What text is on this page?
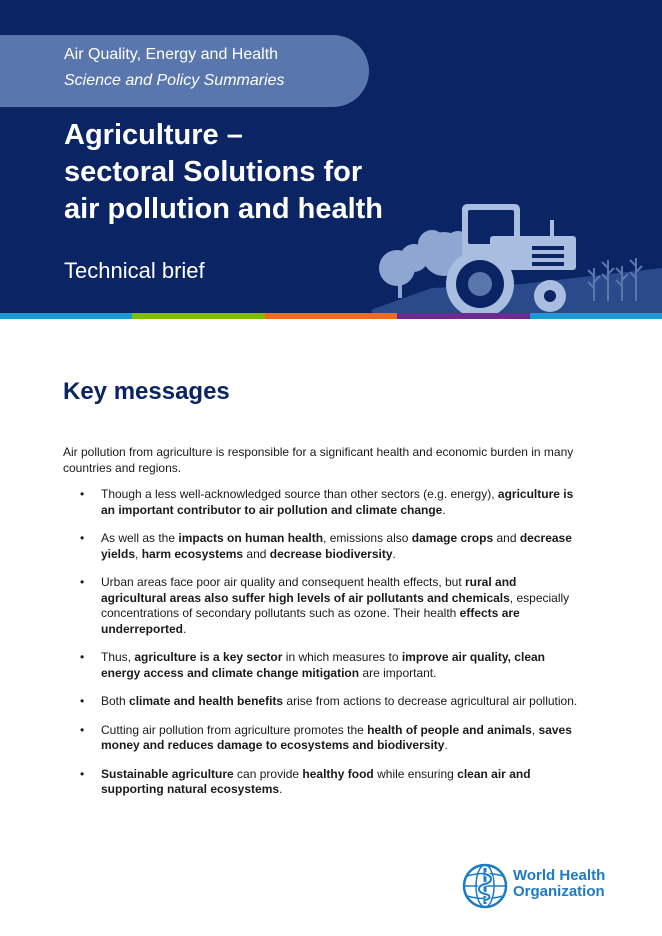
Air Quality, Energy and Health
Science and Policy Summaries
Agriculture –
sectoral Solutions for
air pollution and health
Technical brief
Key messages
Air pollution from agriculture is responsible for a significant health and economic burden in many countries and regions.
•	Though a less well-acknowledged source than other sectors (e.g. energy), agriculture is an important contributor to air pollution and climate change.
•	As well as the impacts on human health, emissions also damage crops and decrease yields, harm ecosystems and decrease biodiversity.
•	Urban areas face poor air quality and consequent health effects, but rural and agricultural areas also suffer high levels of air pollutants and chemicals, especially concentrations of secondary pollutants such as ozone. Their health effects are underreported.
•	Thus, agriculture is a key sector in which measures to improve air quality, clean energy access and climate change mitigation are important.
•	Both climate and health benefits arise from actions to decrease agricultural air pollution.
•	Cutting air pollution from agriculture promotes the health of people and animals, saves money and reduces damage to ecosystems and biodiversity.
•	Sustainable agriculture can provide healthy food while ensuring clean air and supporting natural ecosystems.
World Health
Organization
